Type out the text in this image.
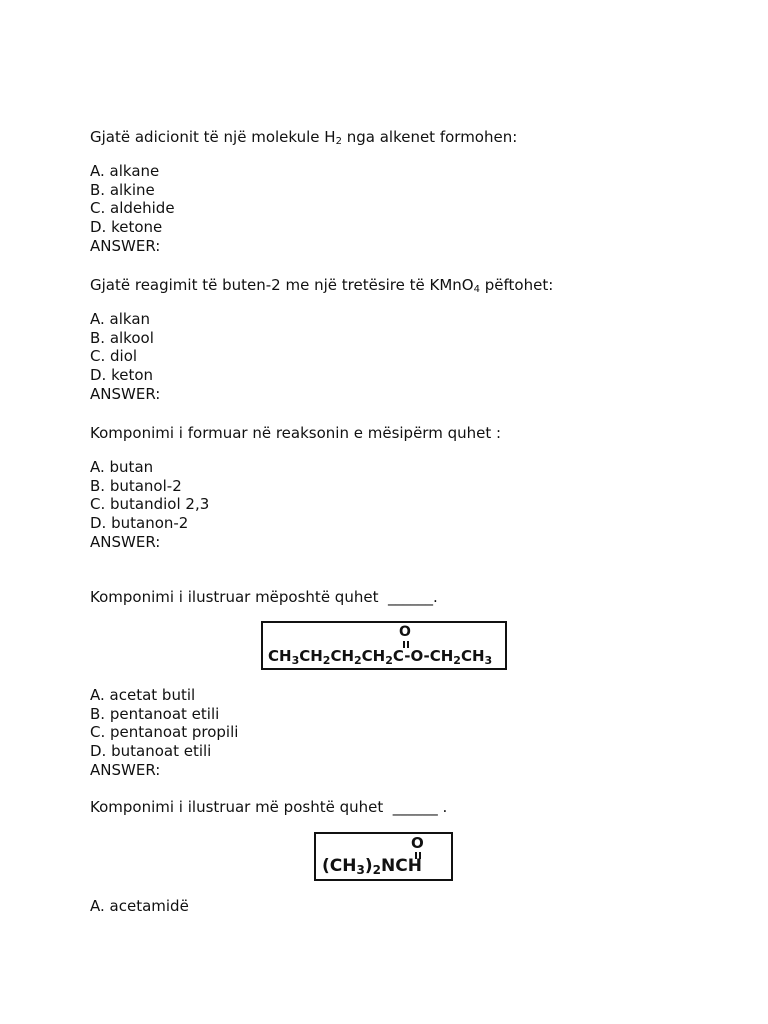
Gjatë adicionit të një molekule $H_2$ nga alkenet formohen:

A. alkane
B. alkine
C. aldehide
D. ketone
ANSWER:

Gjatë reagimit të buten-2 me një tretësire të KMnO$_4$ pëftohet:

A. alkan
B. alkool
C. diol
D. keton
ANSWER:

Komponimi i formuar në reaksonin e mësipërm quhet :

A. butan
B. butanol-2
C. butandiol 2,3
D. butanon-2
ANSWER:

Komponimi i ilustruar mëposhtë quhet  ______.

O
$CH_3CH_2CH_2CH_2C-O-CH_2CH_3$
A. acetat butil
B. pentanoat etili
C. pentanoat propili
D. butanoat etili
ANSWER:

Komponimi i ilustruar më poshtë quhet  ______ .

O
(CH3)2NCH
A. acetamidë
